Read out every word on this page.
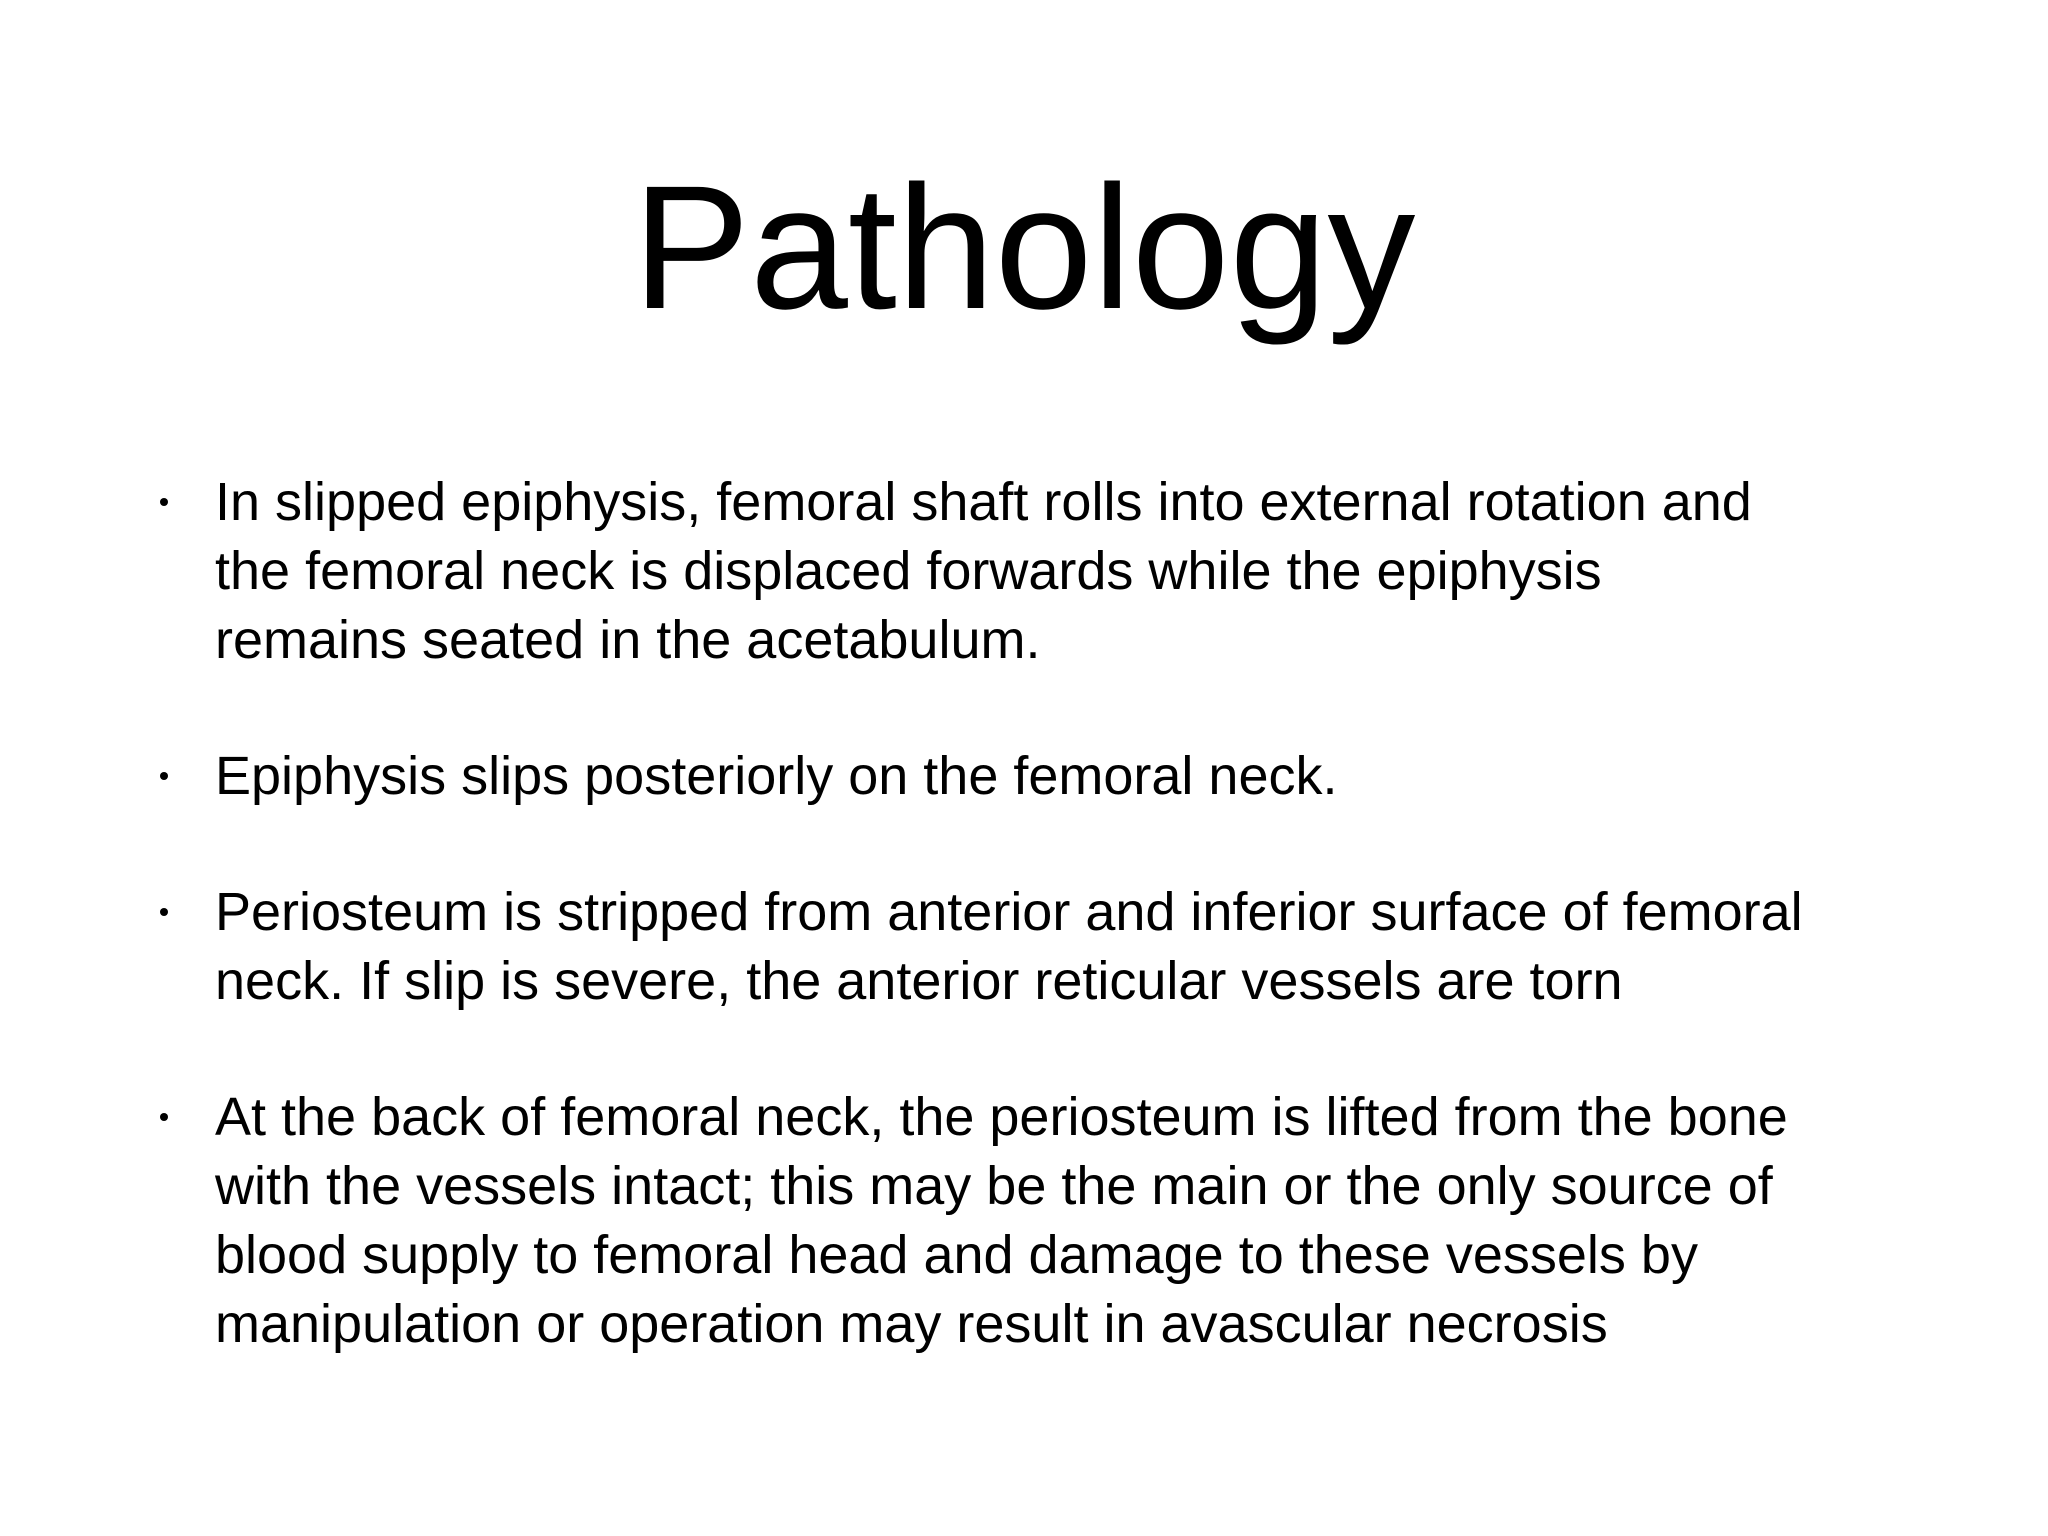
Pathology
In slipped epiphysis, femoral shaft rolls into external rotation and
the femoral neck is displaced forwards while the epiphysis
remains seated in the acetabulum.
Epiphysis slips posteriorly on the femoral neck.
Periosteum is stripped from anterior and inferior surface of femoral
neck. If slip is severe, the anterior reticular vessels are torn
At the back of femoral neck, the periosteum is lifted from the bone
with the vessels intact; this may be the main or the only source of
blood supply to femoral head and damage to these vessels by
manipulation or operation may result in avascular necrosis
